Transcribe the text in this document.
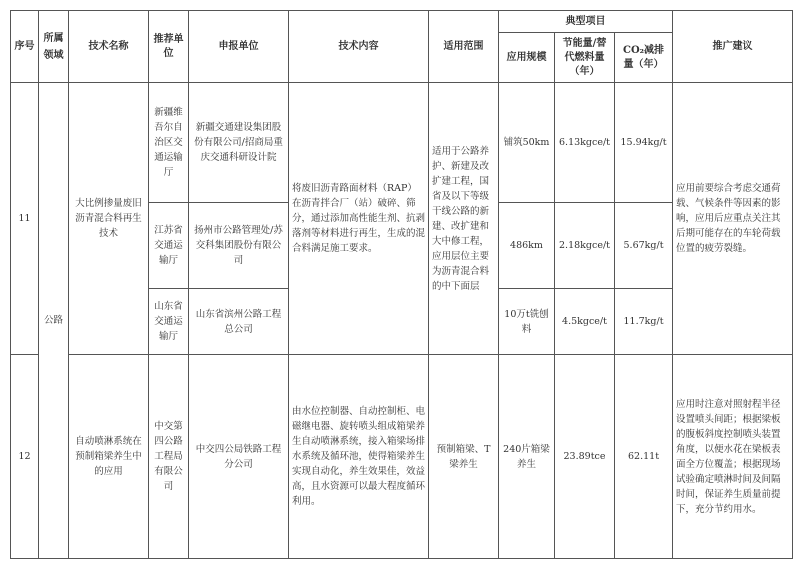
序号	所属领域	技术名称	推荐单位	申报单位	技术内容	适用范围	典型项目			推广建议
							应用规模	节能量/替代燃料量（年）	CO₂减排量（年）	
11	公路	大比例掺量废旧沥青混合料再生技术	新疆维吾尔自治区交通运输厅	新疆交通建设集团股份有限公司/招商局重庆交通科研设计院	将废旧沥青路面材料（RAP）在沥青拌合厂（站）破碎、筛分，通过添加高性能生剂、抗剥落剂等材料进行再生，生成的混合料满足施工要求。	适用于公路养护、新建及改扩建工程，国省及以下等级干线公路的新建、改扩建和大中修工程，应用层位主要为沥青混合料的中下面层	铺筑50km	6.13kgce/t	15.94kg/t	应用前要综合考虑交通荷载、气候条件等因素的影响，应用后应重点关注其后期可能存在的车轮荷载位置的疲劳裂缝。
			江苏省交通运输厅	扬州市公路管理处/苏交科集团股份有限公司			486km	2.18kgce/t	5.67kg/t	
			山东省交通运输厅	山东省滨州公路工程总公司			10万t铣刨料	4.5kgce/t	11.7kg/t	
12		自动喷淋系统在预制箱梁养生中的应用	中交第四公路工程局有限公司	中交四公局铁路工程分公司	由水位控制器、自动控制柜、电磁继电器、旋转喷头组成箱梁养生自动喷淋系统，接入箱梁场排水系统及循环池，使得箱梁养生实现自动化，养生效果佳，效益高，且水资源可以最大程度循环利用。	预制箱梁、T梁养生	240片箱梁养生	23.89tce	62.11t	应用时注意对照射程半径设置喷头间距；根据梁板的腹板斜度控制喷头装置角度，以便水花在梁板表面全方位覆盖；根据现场试验确定喷淋时间及间隔时间，保证养生质量前提下，充分节约用水。
